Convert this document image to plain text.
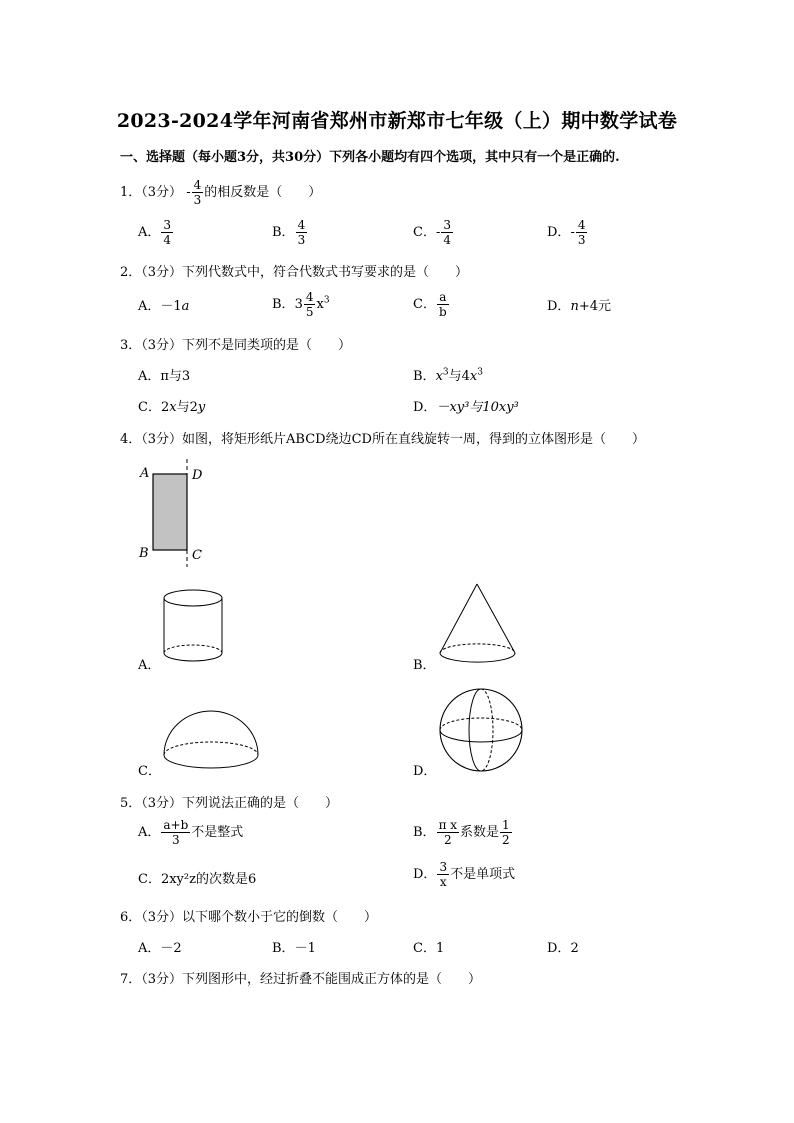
2023-2024学年河南省郑州市新郑市七年级（上）期中数学试卷
一、选择题（每小题3分，共30分）下列各小题均有四个选项，其中只有一个是正确的.
1．（3分） - $\frac{4}{3}$ 的相反数是（　　）
A． $\frac{3}{4}$	B． $\frac{4}{3}$	C．- $\frac{3}{4}$	D．- $\frac{4}{3}$
2．（3分）下列代数式中，符合代数式书写要求的是（　　）
A．－1a	B．$3 \frac{4}{5} x^3$	C． $\frac{a}{b}$	D．n+4元
3．（3分）下列不是同类项的是（　　）
A．π与3	B．$x^3$与$4x^3$
C．2x与2y	D．－xy³与10xy³
4．（3分）如图，将矩形纸片ABCD绕边CD所在直线旋转一周，得到的立体图形是（　　）
A	D
B	C
A．	B．
C．	D．
5．（3分）下列说法正确的是（　　）
A． $\frac{a+b}{3}$ 不是整式	B． $\frac{\text{π x}}{2}$ 系数是 $\frac{1}{2}$
C．2xy²z的次数是6	D． $\frac{3}{x}$ 不是单项式
6．（3分）以下哪个数小于它的倒数（　　）
A．－2	B．－1	C．1	D．2
7．（3分）下列图形中，经过折叠不能围成正方体的是（　　）
